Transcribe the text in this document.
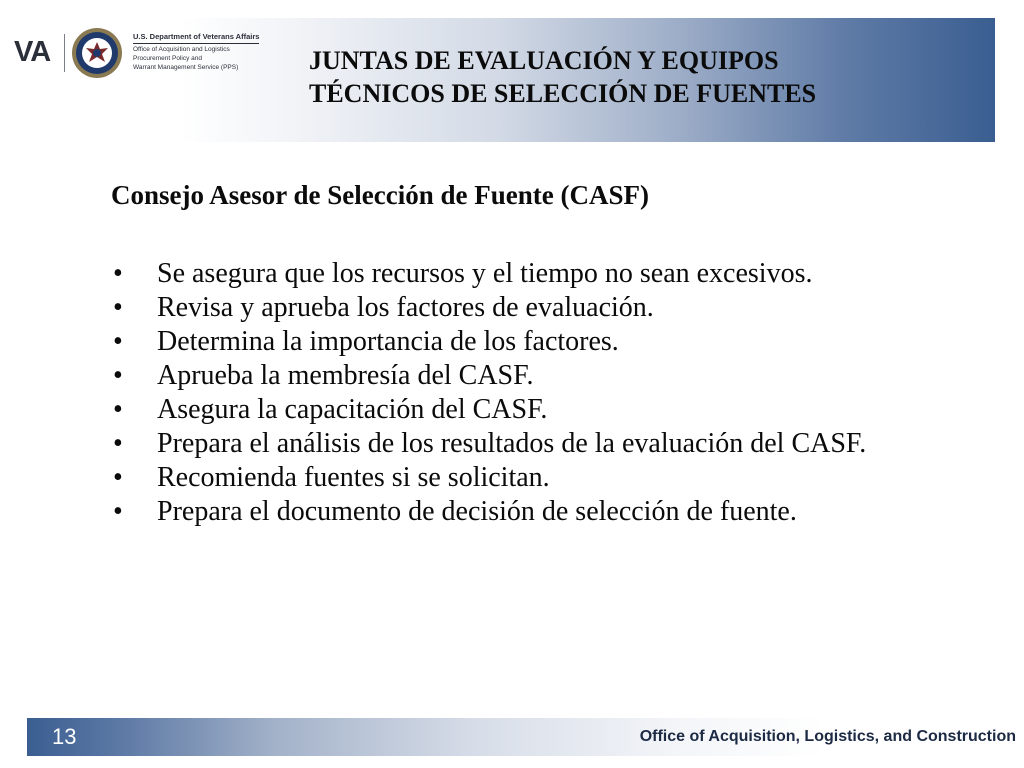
VA	U.S. Department of Veterans Affairs
Office of Acquisition and Logistics
Procurement Policy and
Warrant Management Service (PPS)	JUNTAS DE EVALUACIÓN Y EQUIPOS TÉCNICOS DE SELECCIÓN DE FUENTES
Consejo Asesor de Selección de Fuente (CASF)
•	Se asegura que los recursos y el tiempo no sean excesivos.
•	Revisa y aprueba los factores de evaluación.
•	Determina la importancia de los factores.
•	Aprueba la membresía del CASF.
•	Asegura la capacitación del CASF.
•	Prepara el análisis de los resultados de la evaluación del CASF.
•	Recomienda fuentes si se solicitan.
•	Prepara el documento de decisión de selección de fuente.
13	Office of Acquisition, Logistics, and Construction
